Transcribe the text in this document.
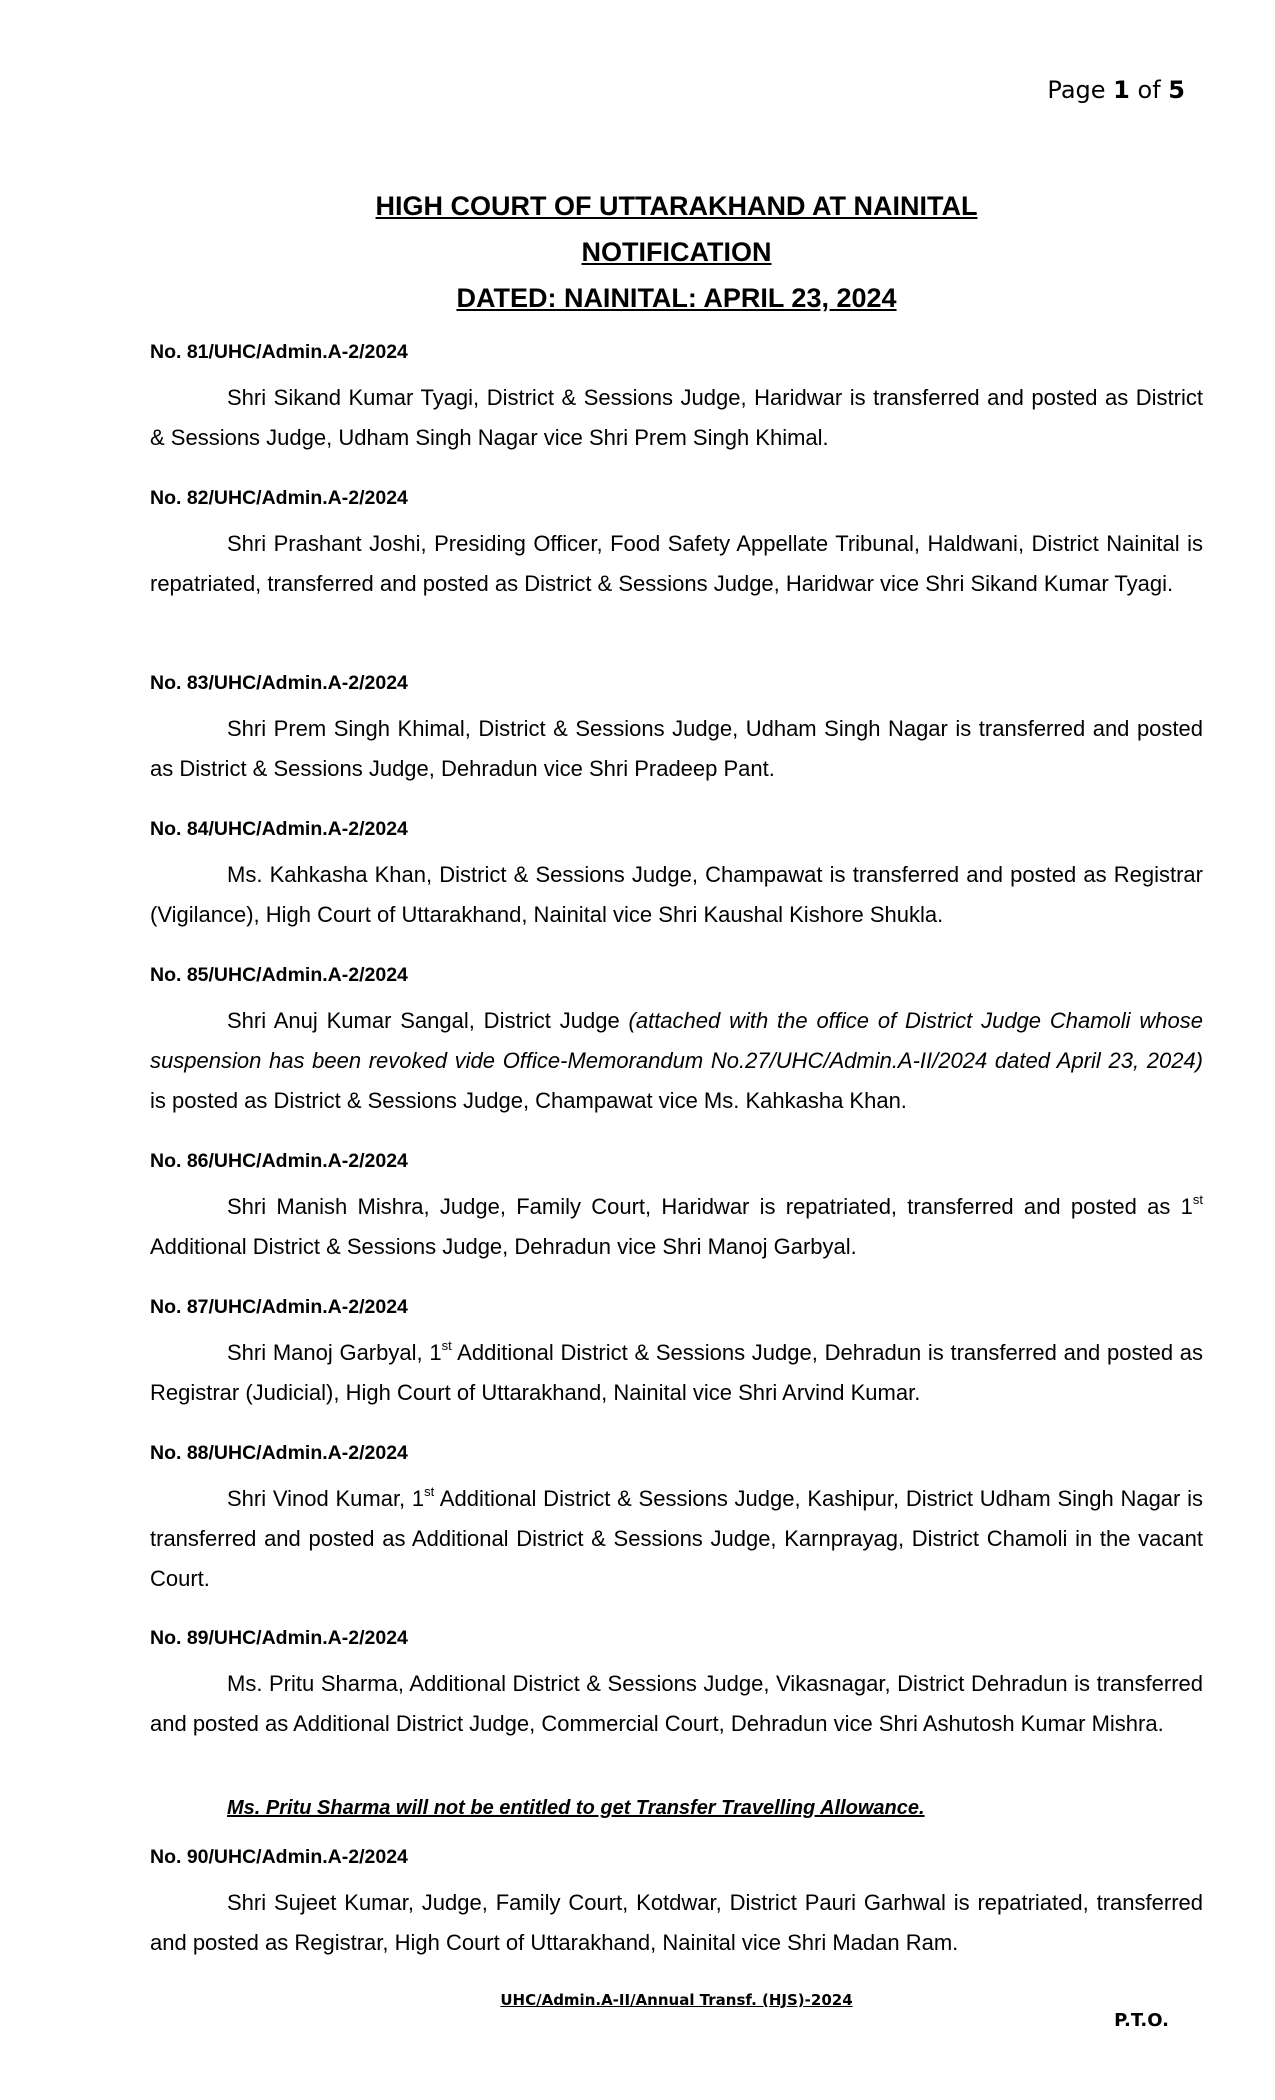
Page 1 of 5
HIGH COURT OF UTTARAKHAND AT NAINITAL
NOTIFICATION
DATED: NAINITAL: APRIL 23, 2024
No. 81/UHC/Admin.A-2/2024
Shri Sikand Kumar Tyagi, District & Sessions Judge, Haridwar is transferred and posted as District & Sessions Judge, Udham Singh Nagar vice Shri Prem Singh Khimal.
No. 82/UHC/Admin.A-2/2024
Shri Prashant Joshi, Presiding Officer, Food Safety Appellate Tribunal, Haldwani, District Nainital is repatriated, transferred and posted as District & Sessions Judge, Haridwar vice Shri Sikand Kumar Tyagi.
No. 83/UHC/Admin.A-2/2024
Shri Prem Singh Khimal, District & Sessions Judge, Udham Singh Nagar is transferred and posted as District & Sessions Judge, Dehradun vice Shri Pradeep Pant.
No. 84/UHC/Admin.A-2/2024
Ms. Kahkasha Khan, District & Sessions Judge, Champawat is transferred and posted as Registrar (Vigilance), High Court of Uttarakhand, Nainital vice Shri Kaushal Kishore Shukla.
No. 85/UHC/Admin.A-2/2024
Shri Anuj Kumar Sangal, District Judge (attached with the office of District Judge Chamoli whose suspension has been revoked vide Office-Memorandum No.27/UHC/Admin.A-II/2024 dated April 23, 2024) is posted as District & Sessions Judge, Champawat vice Ms. Kahkasha Khan.
No. 86/UHC/Admin.A-2/2024
Shri Manish Mishra, Judge, Family Court, Haridwar is repatriated, transferred and posted as 1st Additional District & Sessions Judge, Dehradun vice Shri Manoj Garbyal.
No. 87/UHC/Admin.A-2/2024
Shri Manoj Garbyal, 1st Additional District & Sessions Judge, Dehradun is transferred and posted as Registrar (Judicial), High Court of Uttarakhand, Nainital vice Shri Arvind Kumar.
No. 88/UHC/Admin.A-2/2024
Shri Vinod Kumar, 1st Additional District & Sessions Judge, Kashipur, District Udham Singh Nagar is transferred and posted as Additional District & Sessions Judge, Karnprayag, District Chamoli in the vacant Court.
No. 89/UHC/Admin.A-2/2024
Ms. Pritu Sharma, Additional District & Sessions Judge, Vikasnagar, District Dehradun is transferred and posted as Additional District Judge, Commercial Court, Dehradun vice Shri Ashutosh Kumar Mishra.
Ms. Pritu Sharma will not be entitled to get Transfer Travelling Allowance.
No. 90/UHC/Admin.A-2/2024
Shri Sujeet Kumar, Judge, Family Court, Kotdwar, District Pauri Garhwal is repatriated, transferred and posted as Registrar, High Court of Uttarakhand, Nainital vice Shri Madan Ram.
UHC/Admin.A-II/Annual Transf. (HJS)-2024
P.T.O.
